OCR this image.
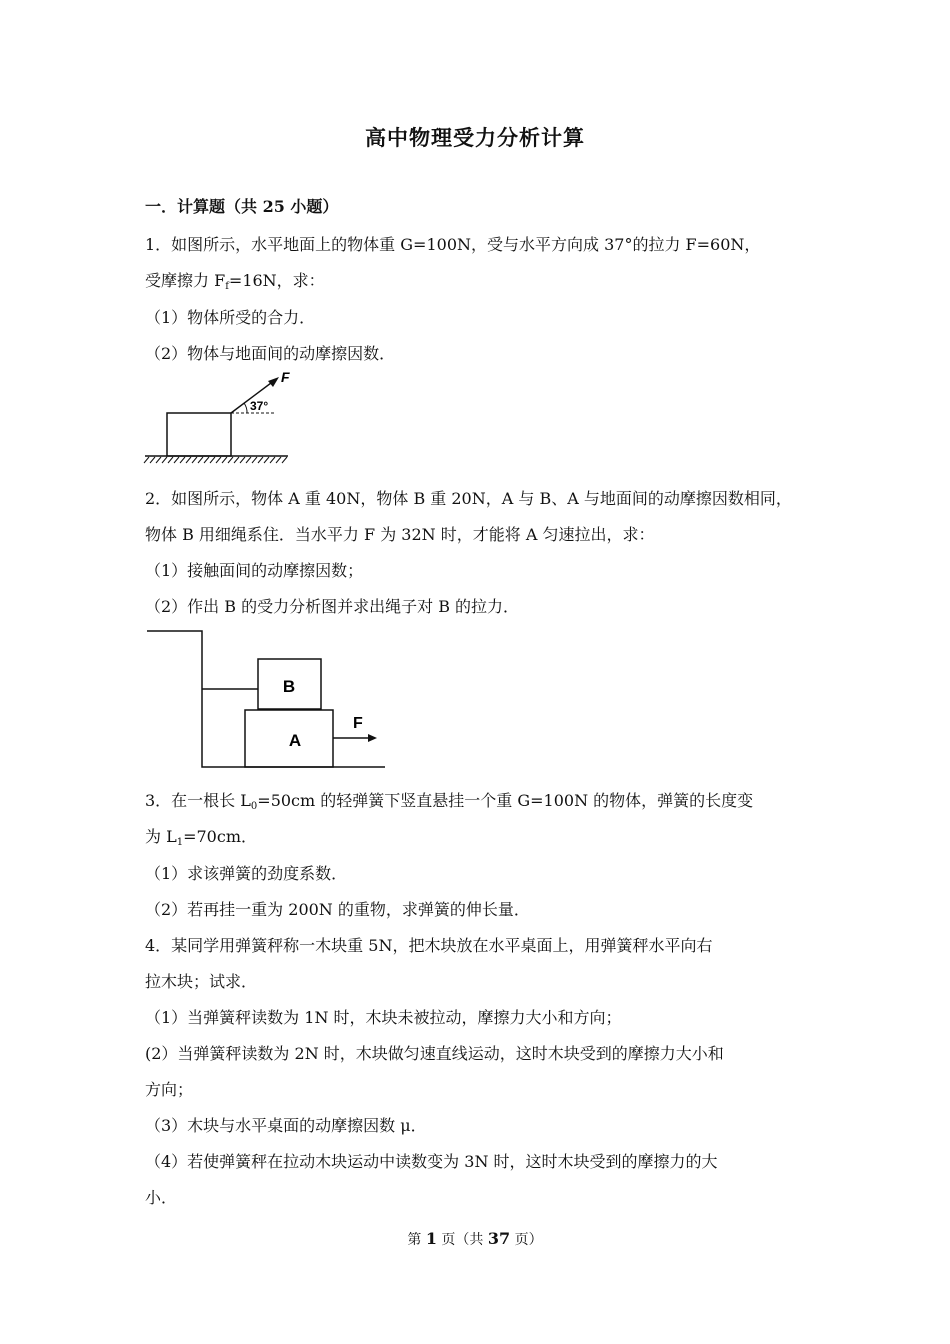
高中物理受力分析计算
一．计算题（共 25 小题）
1．如图所示，水平地面上的物体重 G=100N，受与水平方向成 37°的拉力 F=60N，
受摩擦力 $F_f=16N$，求：
（1）物体所受的合力．
（2）物体与地面间的动摩擦因数．
F
37°
2．如图所示，物体 A 重 40N，物体 B 重 20N，A 与 B、A 与地面间的动摩擦因数相同，
物体 B 用细绳系住．当水平力 F 为 32N 时，才能将 A 匀速拉出，求：
（1）接触面间的动摩擦因数；
（2）作出 B 的受力分析图并求出绳子对 B 的拉力．
B
A
F
3．在一根长 $L_0=50cm$ 的轻弹簧下竖直悬挂一个重 G=100N 的物体，弹簧的长度变
为 $L_1=70cm$．
（1）求该弹簧的劲度系数．
（2）若再挂一重为 200N 的重物，求弹簧的伸长量．
4．某同学用弹簧秤称一木块重 5N，把木块放在水平桌面上，用弹簧秤水平向右
拉木块；试求．
（1）当弹簧秤读数为 1N 时，木块未被拉动，摩擦力大小和方向；
(2）当弹簧秤读数为 2N 时，木块做匀速直线运动，这时木块受到的摩擦力大小和
方向；
（3）木块与水平桌面的动摩擦因数 μ．
（4）若使弹簧秤在拉动木块运动中读数变为 3N 时，这时木块受到的摩擦力的大
小．
第 1 页（共 37 页）
